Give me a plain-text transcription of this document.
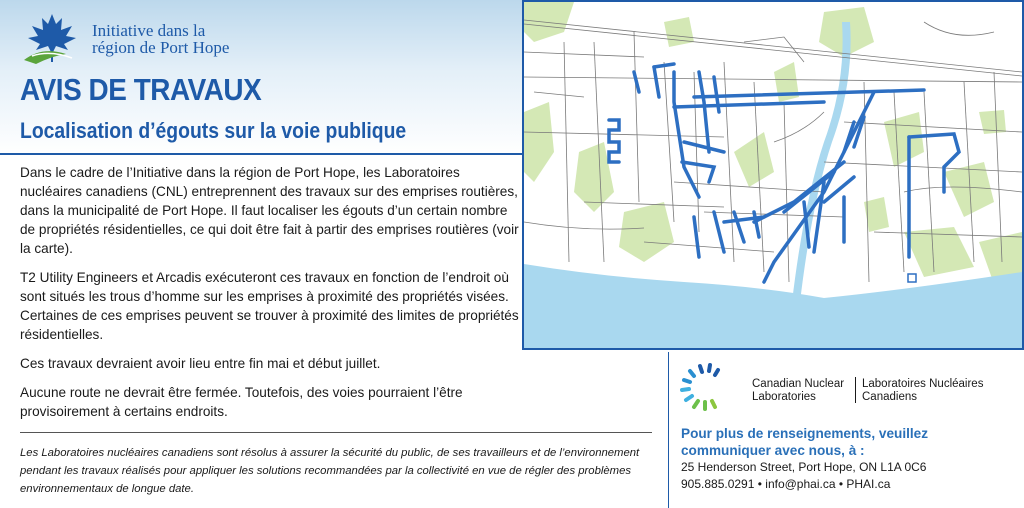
Initiative dans la
région de Port Hope
AVIS DE TRAVAUX
Localisation d’égouts sur la voie publique

Dans le cadre de l’Initiative dans la région de Port Hope, les Laboratoires nucléaires canadiens (CNL) entreprennent des travaux sur des emprises routières, dans la municipalité de Port Hope. Il faut localiser les égouts d’un certain nombre de propriétés résidentielles, ce qui doit être fait à partir des emprises routières (voir la carte).

T2 Utility Engineers et Arcadis exécuteront ces travaux en fonction de l’endroit où sont situés les trous d’homme sur les emprises à proximité des propriétés visées. Certaines de ces emprises peuvent se trouver à proximité des limites de propriétés résidentielles.

Ces travaux devraient avoir lieu entre fin mai et début juillet.

Aucune route ne devrait être fermée. Toutefois, des voies pourraient l’être provisoirement à certains endroits.

Les Laboratoires nucléaires canadiens sont résolus à assurer la sécurité du public, de ses travailleurs et de l’environnement pendant les travaux réalisés pour appliquer les solutions recommandées par la collectivité en vue de régler des problèmes environnementaux de longue date.
Canadian Nuclear
Laboratories
Laboratoires Nucléaires
Canadiens
Pour plus de renseignements, veuillez communiquer avec nous, à :
25 Henderson Street, Port Hope, ON L1A 0C6
905.885.0291 • info@phai.ca • PHAI.ca
